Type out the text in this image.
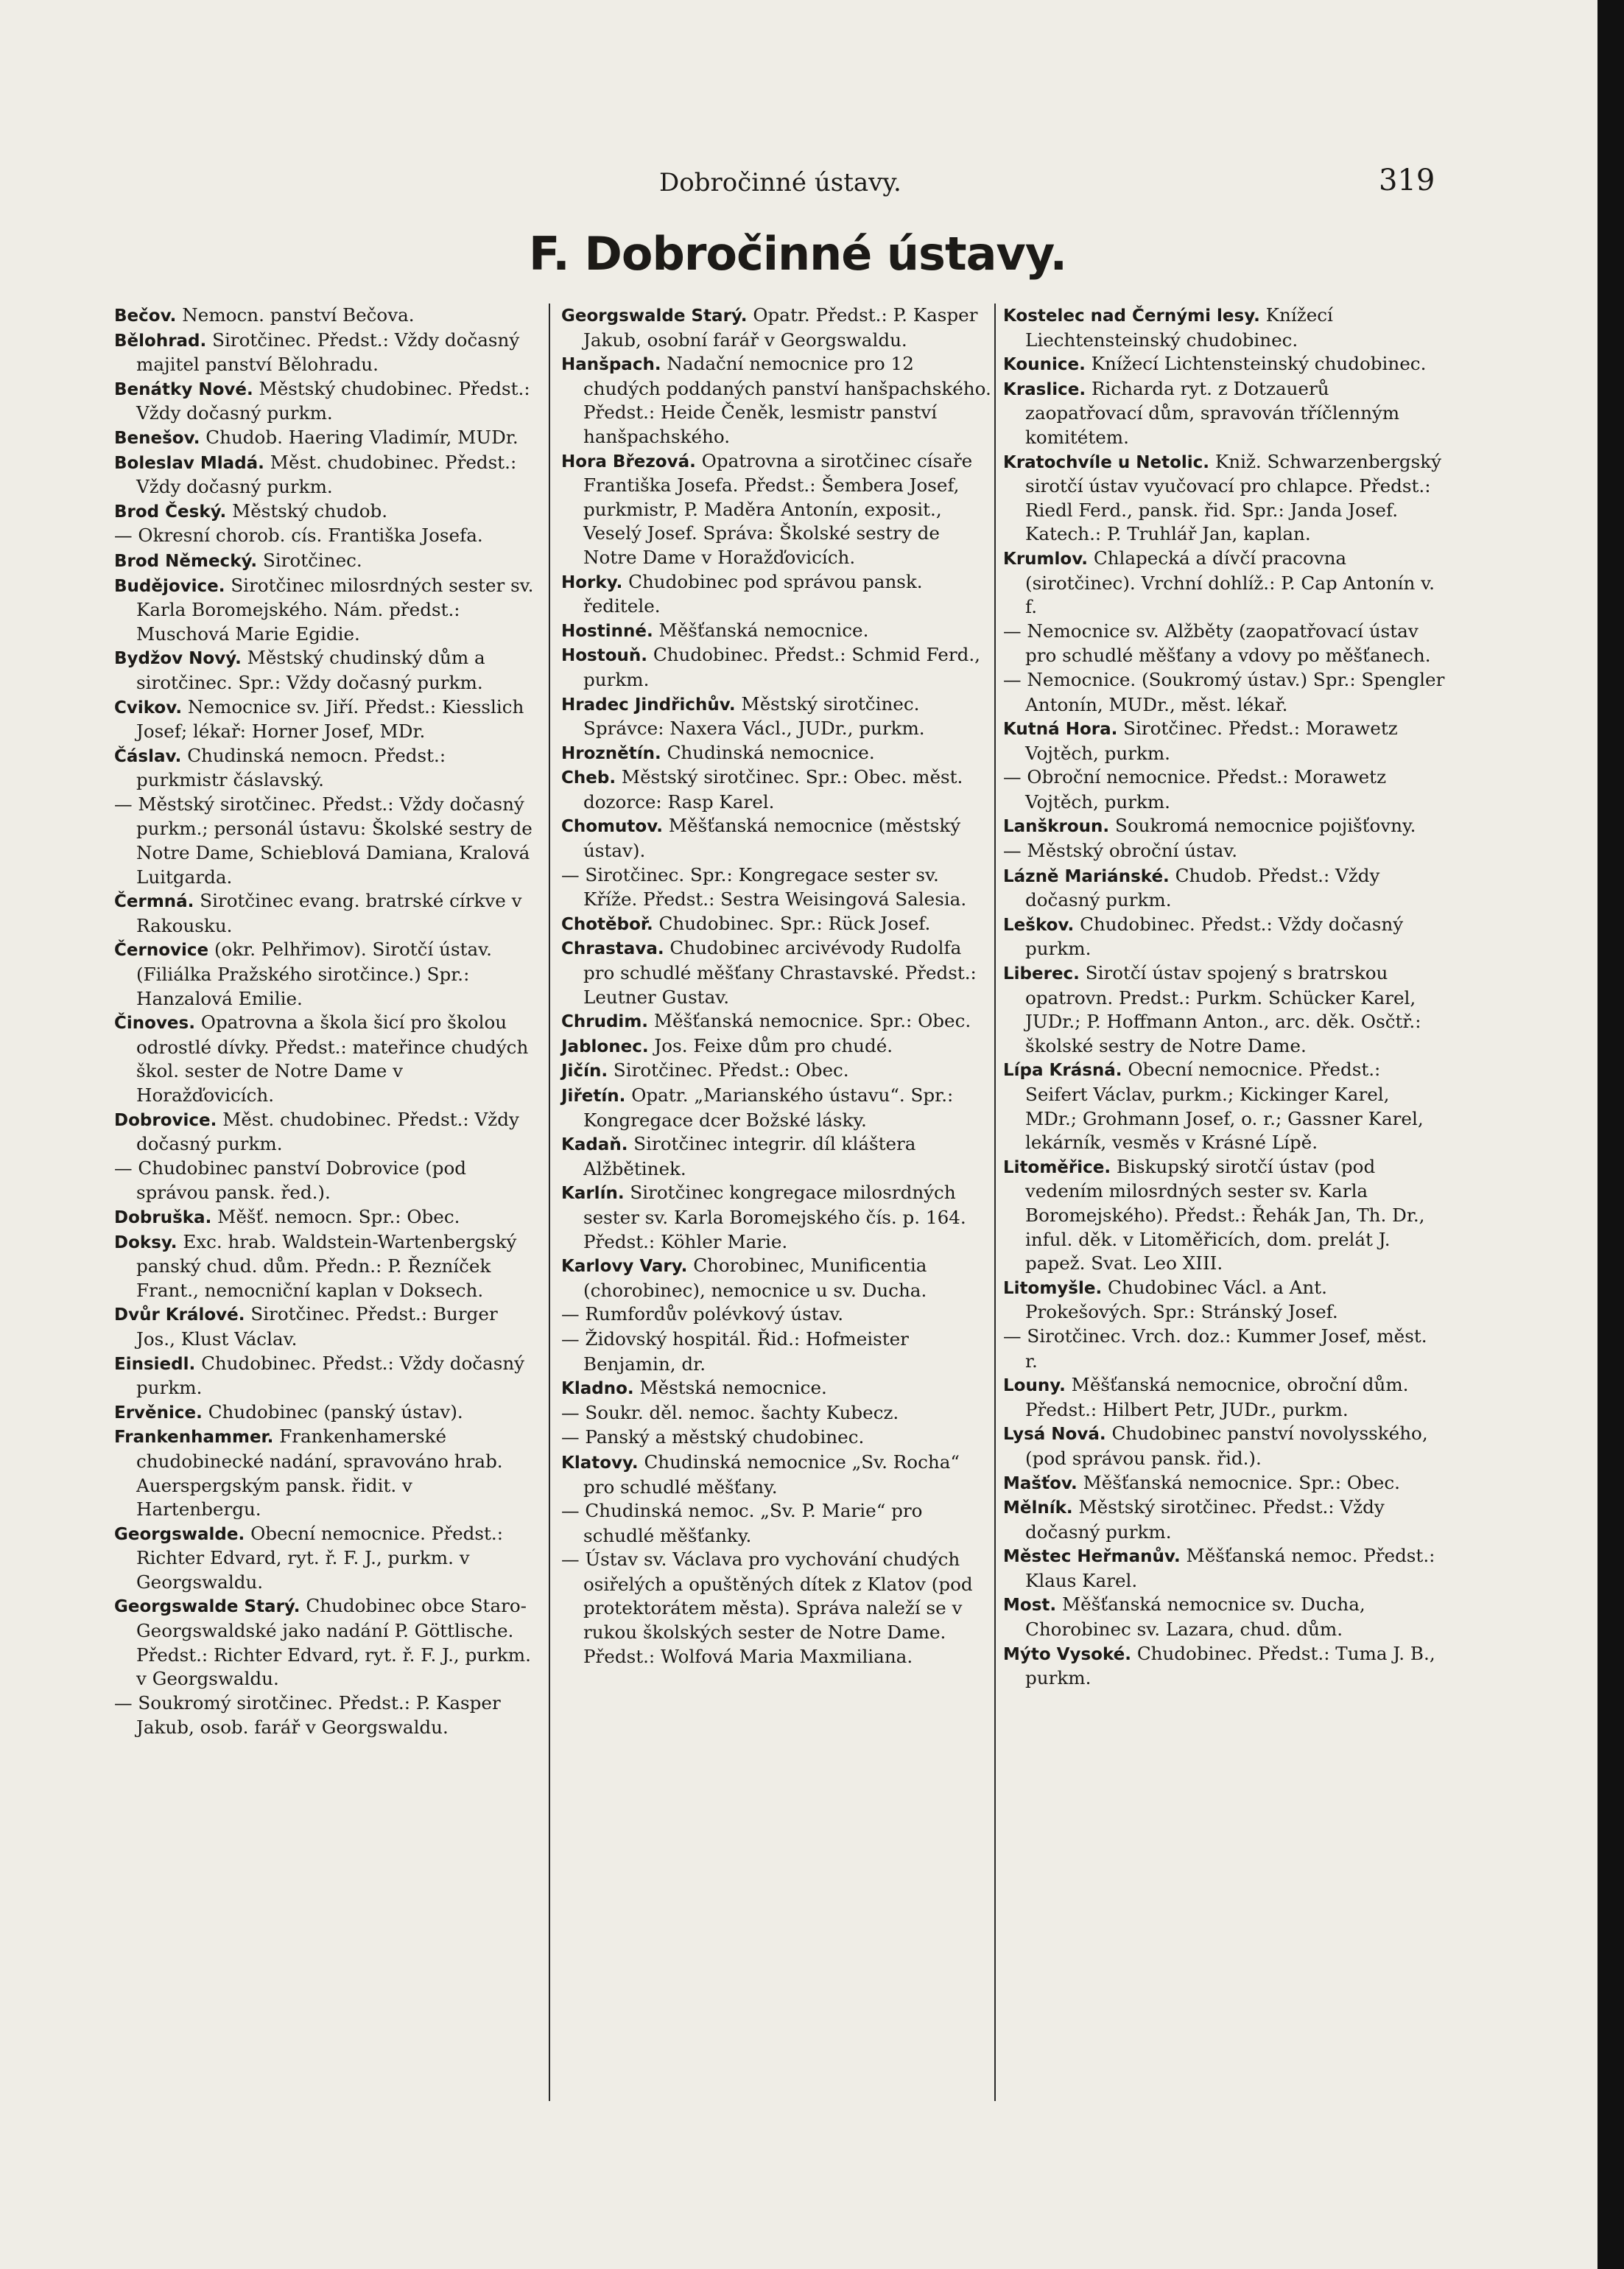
Dobročinné ústavy.	319
F. Dobročinné ústavy.

Bečov. Nemocn. panství Bečova.

Bělohrad. Sirotčinec. Předst.: Vždy dočasný majitel panství Bělohradu.

Benátky Nové. Městský chudobinec. Předst.: Vždy dočasný purkm.

Benešov. Chudob. Haering Vladimír, MUDr.

Boleslav Mladá. Měst. chudobinec. Předst.: Vždy dočasný purkm.

Brod Český. Městský chudob.

— Okresní chorob. cís. Františka Josefa.

Brod Německý. Sirotčinec.

Budějovice. Sirotčinec milosrdných sester sv. Karla Boromejského. Nám. předst.: Muschová Marie Egidie.

Bydžov Nový. Městský chudinský dům a sirotčinec. Spr.: Vždy dočasný purkm.

Cvikov. Nemocnice sv. Jiří. Předst.: Kiesslich Josef; lékař: Horner Josef, MDr.

Čáslav. Chudinská nemocn. Předst.: purkmistr čáslavský.

— Městský sirotčinec. Předst.: Vždy dočasný purkm.; personál ústavu: Školské sestry de Notre Dame, Schieblová Damiana, Kralová Luitgarda.

Čermná. Sirotčinec evang. bratrské církve v Rakousku.

Černovice (okr. Pelhřimov). Sirotčí ústav. (Filiálka Pražského sirotčince.) Spr.: Hanzalová Emilie.

Činoves. Opatrovna a škola šicí pro školou odrostlé dívky. Předst.: mateřince chudých škol. sester de Notre Dame v Horažďovicích.

Dobrovice. Měst. chudobinec. Předst.: Vždy dočasný purkm.

— Chudobinec panství Dobrovice (pod správou pansk. řed.).

Dobruška. Měšť. nemocn. Spr.: Obec.

Doksy. Exc. hrab. Waldstein-Wartenbergský panský chud. dům. Předn.: P. Řezníček Frant., nemocniční kaplan v Doksech.

Dvůr Králové. Sirotčinec. Předst.: Burger Jos., Klust Václav.

Einsiedl. Chudobinec. Předst.: Vždy dočasný purkm.

Ervěnice. Chudobinec (panský ústav).

Frankenhammer. Frankenhamerské chudobinecké nadání, spravováno hrab. Auerspergským pansk. řidit. v Hartenbergu.

Georgswalde. Obecní nemocnice. Předst.: Richter Edvard, ryt. ř. F. J., purkm. v Georgswaldu.

Georgswalde Starý. Chudobinec obce Staro-Georgswaldské jako nadání P. Göttlische. Předst.: Richter Edvard, ryt. ř. F. J., purkm. v Georgswaldu.

— Soukromý sirotčinec. Předst.: P. Kasper Jakub, osob. farář v Georgswaldu.

Georgswalde Starý. Opatr. Předst.: P. Kasper Jakub, osobní farář v Georgswaldu.

Hanšpach. Nadační nemocnice pro 12 chudých poddaných panství hanšpachského. Předst.: Heide Čeněk, lesmistr panství hanšpachského.

Hora Březová. Opatrovna a sirotčinec císaře Františka Josefa. Předst.: Šembera Josef, purkmistr, P. Maděra Antonín, exposit., Veselý Josef. Správa: Školské sestry de Notre Dame v Horažďovicích.

Horky. Chudobinec pod správou pansk. ředitele.

Hostinné. Měšťanská nemocnice.

Hostouň. Chudobinec. Předst.: Schmid Ferd., purkm.

Hradec Jindřichův. Městský sirotčinec. Správce: Naxera Václ., JUDr., purkm.

Hroznětín. Chudinská nemocnice.

Cheb. Městský sirotčinec. Spr.: Obec. měst. dozorce: Rasp Karel.

Chomutov. Měšťanská nemocnice (městský ústav).

— Sirotčinec. Spr.: Kongregace sester sv. Kříže. Předst.: Sestra Weisingová Salesia.

Chotěboř. Chudobinec. Spr.: Rück Josef.

Chrastava. Chudobinec arcivévody Rudolfa pro schudlé měšťany Chrastavské. Předst.: Leutner Gustav.

Chrudim. Měšťanská nemocnice. Spr.: Obec.

Jablonec. Jos. Feixe dům pro chudé.

Jičín. Sirotčinec. Předst.: Obec.

Jiřetín. Opatr. „Marianského ústavu“. Spr.: Kongregace dcer Božské lásky.

Kadaň. Sirotčinec integrir. díl kláštera Alžbětinek.

Karlín. Sirotčinec kongregace milosrdných sester sv. Karla Boromejského čís. p. 164. Předst.: Köhler Marie.

Karlovy Vary. Chorobinec, Munificentia (chorobinec), nemocnice u sv. Ducha.

— Rumfordův polévkový ústav.

— Židovský hospitál. Řid.: Hofmeister Benjamin, dr.

Kladno. Městská nemocnice.

— Soukr. děl. nemoc. šachty Kubecz.

— Panský a městský chudobinec.

Klatovy. Chudinská nemocnice „Sv. Rocha“ pro schudlé měšťany.

— Chudinská nemoc. „Sv. P. Marie“ pro schudlé měšťanky.

— Ústav sv. Václava pro vychování chudých osiřelých a opuštěných dítek z Klatov (pod protektorátem města). Správa naleží se v rukou školských sester de Notre Dame. Předst.: Wolfová Maria Maxmiliana.

Kostelec nad Černými lesy. Knížecí Liechtensteinský chudobinec.

Kounice. Knížecí Lichtensteinský chudobinec.

Kraslice. Richarda ryt. z Dotzauerů zaopatřovací dům, spravován tříčlenným komitétem.

Kratochvíle u Netolic. Kniž. Schwarzenbergský sirotčí ústav vyučovací pro chlapce. Předst.: Riedl Ferd., pansk. řid. Spr.: Janda Josef. Katech.: P. Truhlář Jan, kaplan.

Krumlov. Chlapecká a dívčí pracovna (sirotčinec). Vrchní dohlíž.: P. Cap Antonín v. f.

— Nemocnice sv. Alžběty (zaopatřovací ústav pro schudlé měšťany a vdovy po měšťanech.

— Nemocnice. (Soukromý ústav.) Spr.: Spengler Antonín, MUDr., měst. lékař.

Kutná Hora. Sirotčinec. Předst.: Morawetz Vojtěch, purkm.

— Obroční nemocnice. Předst.: Morawetz Vojtěch, purkm.

Lanškroun. Soukromá nemocnice pojišťovny.

— Městský obroční ústav.

Lázně Mariánské. Chudob. Předst.: Vždy dočasný purkm.

Leškov. Chudobinec. Předst.: Vždy dočasný purkm.

Liberec. Sirotčí ústav spojený s bratrskou opatrovn. Predst.: Purkm. Schücker Karel, JUDr.; P. Hoffmann Anton., arc. děk. Osčtř.: školské sestry de Notre Dame.

Lípa Krásná. Obecní nemocnice. Předst.: Seifert Václav, purkm.; Kickinger Karel, MDr.; Grohmann Josef, o. r.; Gassner Karel, lekárník, vesměs v Krásné Lípě.

Litoměřice. Biskupský sirotčí ústav (pod vedením milosrdných sester sv. Karla Boromejského). Předst.: Řehák Jan, Th. Dr., inful. děk. v Litoměřicích, dom. prelát J. papež. Svat. Leo XIII.

Litomyšle. Chudobinec Václ. a Ant. Prokešových. Spr.: Stránský Josef.

— Sirotčinec. Vrch. doz.: Kummer Josef, měst. r.

Louny. Měšťanská nemocnice, obroční dům. Předst.: Hilbert Petr, JUDr., purkm.

Lysá Nová. Chudobinec panství novolysského, (pod správou pansk. řid.).

Mašťov. Měšťanská nemocnice. Spr.: Obec.

Mělník. Městský sirotčinec. Předst.: Vždy dočasný purkm.

Městec Heřmanův. Měšťanská nemoc. Předst.: Klaus Karel.

Most. Měšťanská nemocnice sv. Ducha, Chorobinec sv. Lazara, chud. dům.

Mýto Vysoké. Chudobinec. Předst.: Tuma J. B., purkm.
